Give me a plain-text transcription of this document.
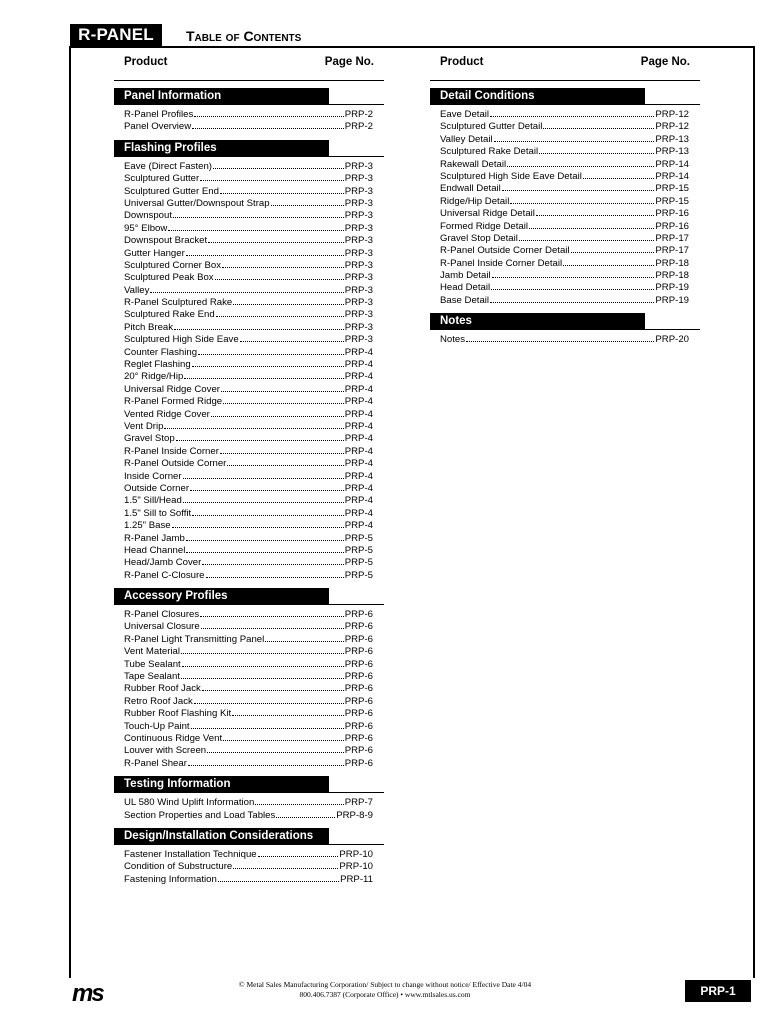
R-PANEL	Table of Contents
Product	Page No.
Panel Information
R-Panel Profiles	PRP-2
Panel Overview	PRP-2
Flashing Profiles
Eave (Direct Fasten)	PRP-3
Sculptured Gutter	PRP-3
Sculptured Gutter End	PRP-3
Universal Gutter/Downspout Strap	PRP-3
Downspout	PRP-3
95° Elbow	PRP-3
Downspout Bracket	PRP-3
Gutter Hanger	PRP-3
Sculptured Corner Box	PRP-3
Sculptured Peak Box	PRP-3
Valley	PRP-3
R-Panel Sculptured Rake	PRP-3
Sculptured Rake End	PRP-3
Pitch Break	PRP-3
Sculptured High Side Eave	PRP-3
Counter Flashing	PRP-4
Reglet Flashing	PRP-4
20° Ridge/Hip	PRP-4
Universal Ridge Cover	PRP-4
R-Panel Formed Ridge	PRP-4
Vented Ridge Cover	PRP-4
Vent Drip	PRP-4
Gravel Stop	PRP-4
R-Panel Inside Corner	PRP-4
R-Panel Outside Corner	PRP-4
Inside Corner	PRP-4
Outside Corner	PRP-4
1.5" Sill/Head	PRP-4
1.5" Sill to Soffit	PRP-4
1.25" Base	PRP-4
R-Panel Jamb	PRP-5
Head Channel	PRP-5
Head/Jamb Cover	PRP-5
R-Panel C-Closure	PRP-5
Accessory Profiles
R-Panel Closures	PRP-6
Universal Closure	PRP-6
R-Panel Light Transmitting Panel	PRP-6
Vent Material	PRP-6
Tube Sealant	PRP-6
Tape Sealant	PRP-6
Rubber Roof Jack	PRP-6
Retro Roof Jack	PRP-6
Rubber Roof Flashing Kit	PRP-6
Touch-Up Paint	PRP-6
Continuous Ridge Vent	PRP-6
Louver with Screen	PRP-6
R-Panel Shear	PRP-6
Testing Information
UL 580 Wind Uplift Information	PRP-7
Section Properties and Load Tables	PRP-8-9
Design/Installation Considerations
Fastener Installation Technique	PRP-10
Condition of Substructure	PRP-10
Fastening Information	PRP-11
Product	Page No.
Detail Conditions
Eave Detail	PRP-12
Sculptured Gutter Detail	PRP-12
Valley Detail	PRP-13
Sculptured Rake Detail	PRP-13
Rakewall Detail	PRP-14
Sculptured High Side Eave Detail	PRP-14
Endwall Detail	PRP-15
Ridge/Hip Detail	PRP-15
Universal Ridge Detail	PRP-16
Formed Ridge Detail	PRP-16
Gravel Stop Detail	PRP-17
R-Panel Outside Corner Detail	PRP-17
R-Panel Inside Corner Detail	PRP-18
Jamb Detail	PRP-18
Head Detail	PRP-19
Base Detail	PRP-19
Notes
Notes	PRP-20
ms	© Metal Sales Manufacturing Corporation/ Subject to change without notice/ Effective Date 4/04
800.406.7387 (Corporate Office) • www.mtlsales.us.com	PRP-1
